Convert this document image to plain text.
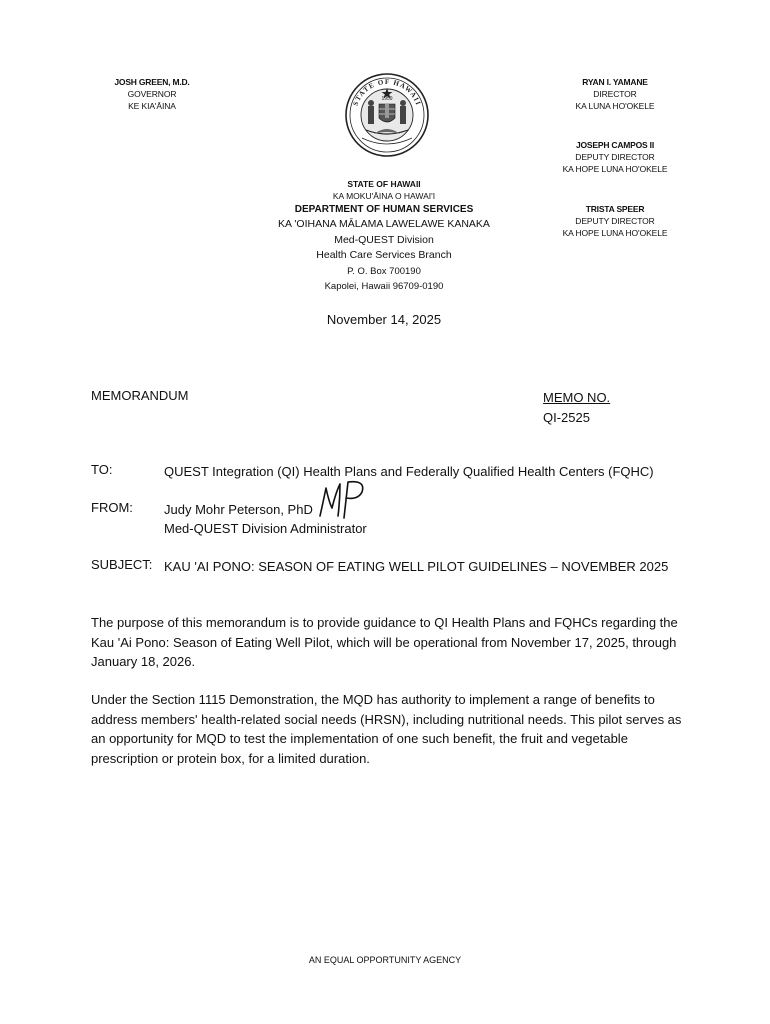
JOSH GREEN, M.D.
GOVERNOR
KE KIA'ĀINA	STATE OF HAWAII
1959
RYAN I. YAMANE
DIRECTOR
KA LUNA HO'OKELE
JOSEPH CAMPOS II
DEPUTY DIRECTOR
KA HOPE LUNA HO'OKELE
TRISTA SPEER
DEPUTY DIRECTOR
KA HOPE LUNA HO'OKELE
STATE OF HAWAII
KA MOKU'ĀINA O HAWAI'I
DEPARTMENT OF HUMAN SERVICES
KA 'OIHANA MĀLAMA LAWELAWE KANAKA
Med-QUEST Division
Health Care Services Branch
P. O. Box 700190
Kapolei, Hawaii 96709-0190
November 14, 2025
MEMORANDUM	MEMO NO.
QI-2525
TO:	QUEST Integration (QI) Health Plans and Federally Qualified Health Centers (FQHC)
FROM: Judy Mohr Peterson, PhD
Med-QUEST Division Administrator
SUBJECT: KAU 'AI PONO: SEASON OF EATING WELL PILOT GUIDELINES – NOVEMBER 2025
The purpose of this memorandum is to provide guidance to QI Health Plans and FQHCs regarding the Kau 'Ai Pono: Season of Eating Well Pilot, which will be operational from November 17, 2025, through January 18, 2026.
Under the Section 1115 Demonstration, the MQD has authority to implement a range of benefits to address members' health-related social needs (HRSN), including nutritional needs. This pilot serves as an opportunity for MQD to test the implementation of one such benefit, the fruit and vegetable prescription or protein box, for a limited duration.
AN EQUAL OPPORTUNITY AGENCY
